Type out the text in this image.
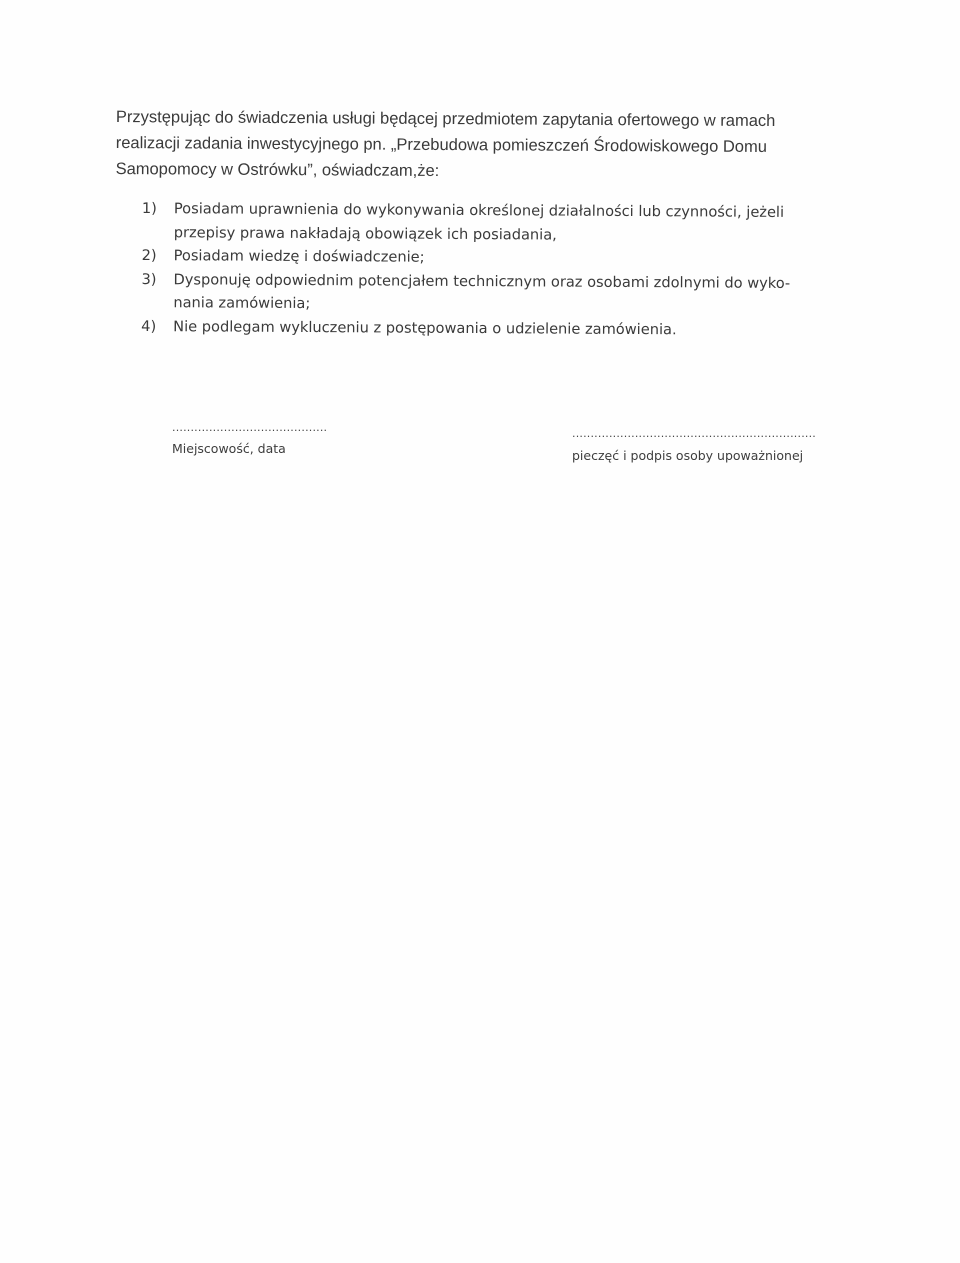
Przystępując do świadczenia usługi będącej przedmiotem zapytania ofertowego w ramach
realizacji zadania inwestycyjnego pn. „Przebudowa pomieszczeń Środowiskowego Domu
Samopomocy w Ostrówku”, oświadczam,że:
1) Posiadam uprawnienia do wykonywania określonej działalności lub czynności, jeżeli
przepisy prawa nakładają obowiązek ich posiadania,
2) Posiadam wiedzę i doświadczenie;
3) Dysponuję odpowiednim potencjałem technicznym oraz osobami zdolnymi do wyko-
nania zamówienia;
4) Nie podlegam wykluczeniu z postępowania o udzielenie zamówienia.
..........................................
Miejscowość, data
..................................................................
pieczęć i podpis osoby upoważnionej
